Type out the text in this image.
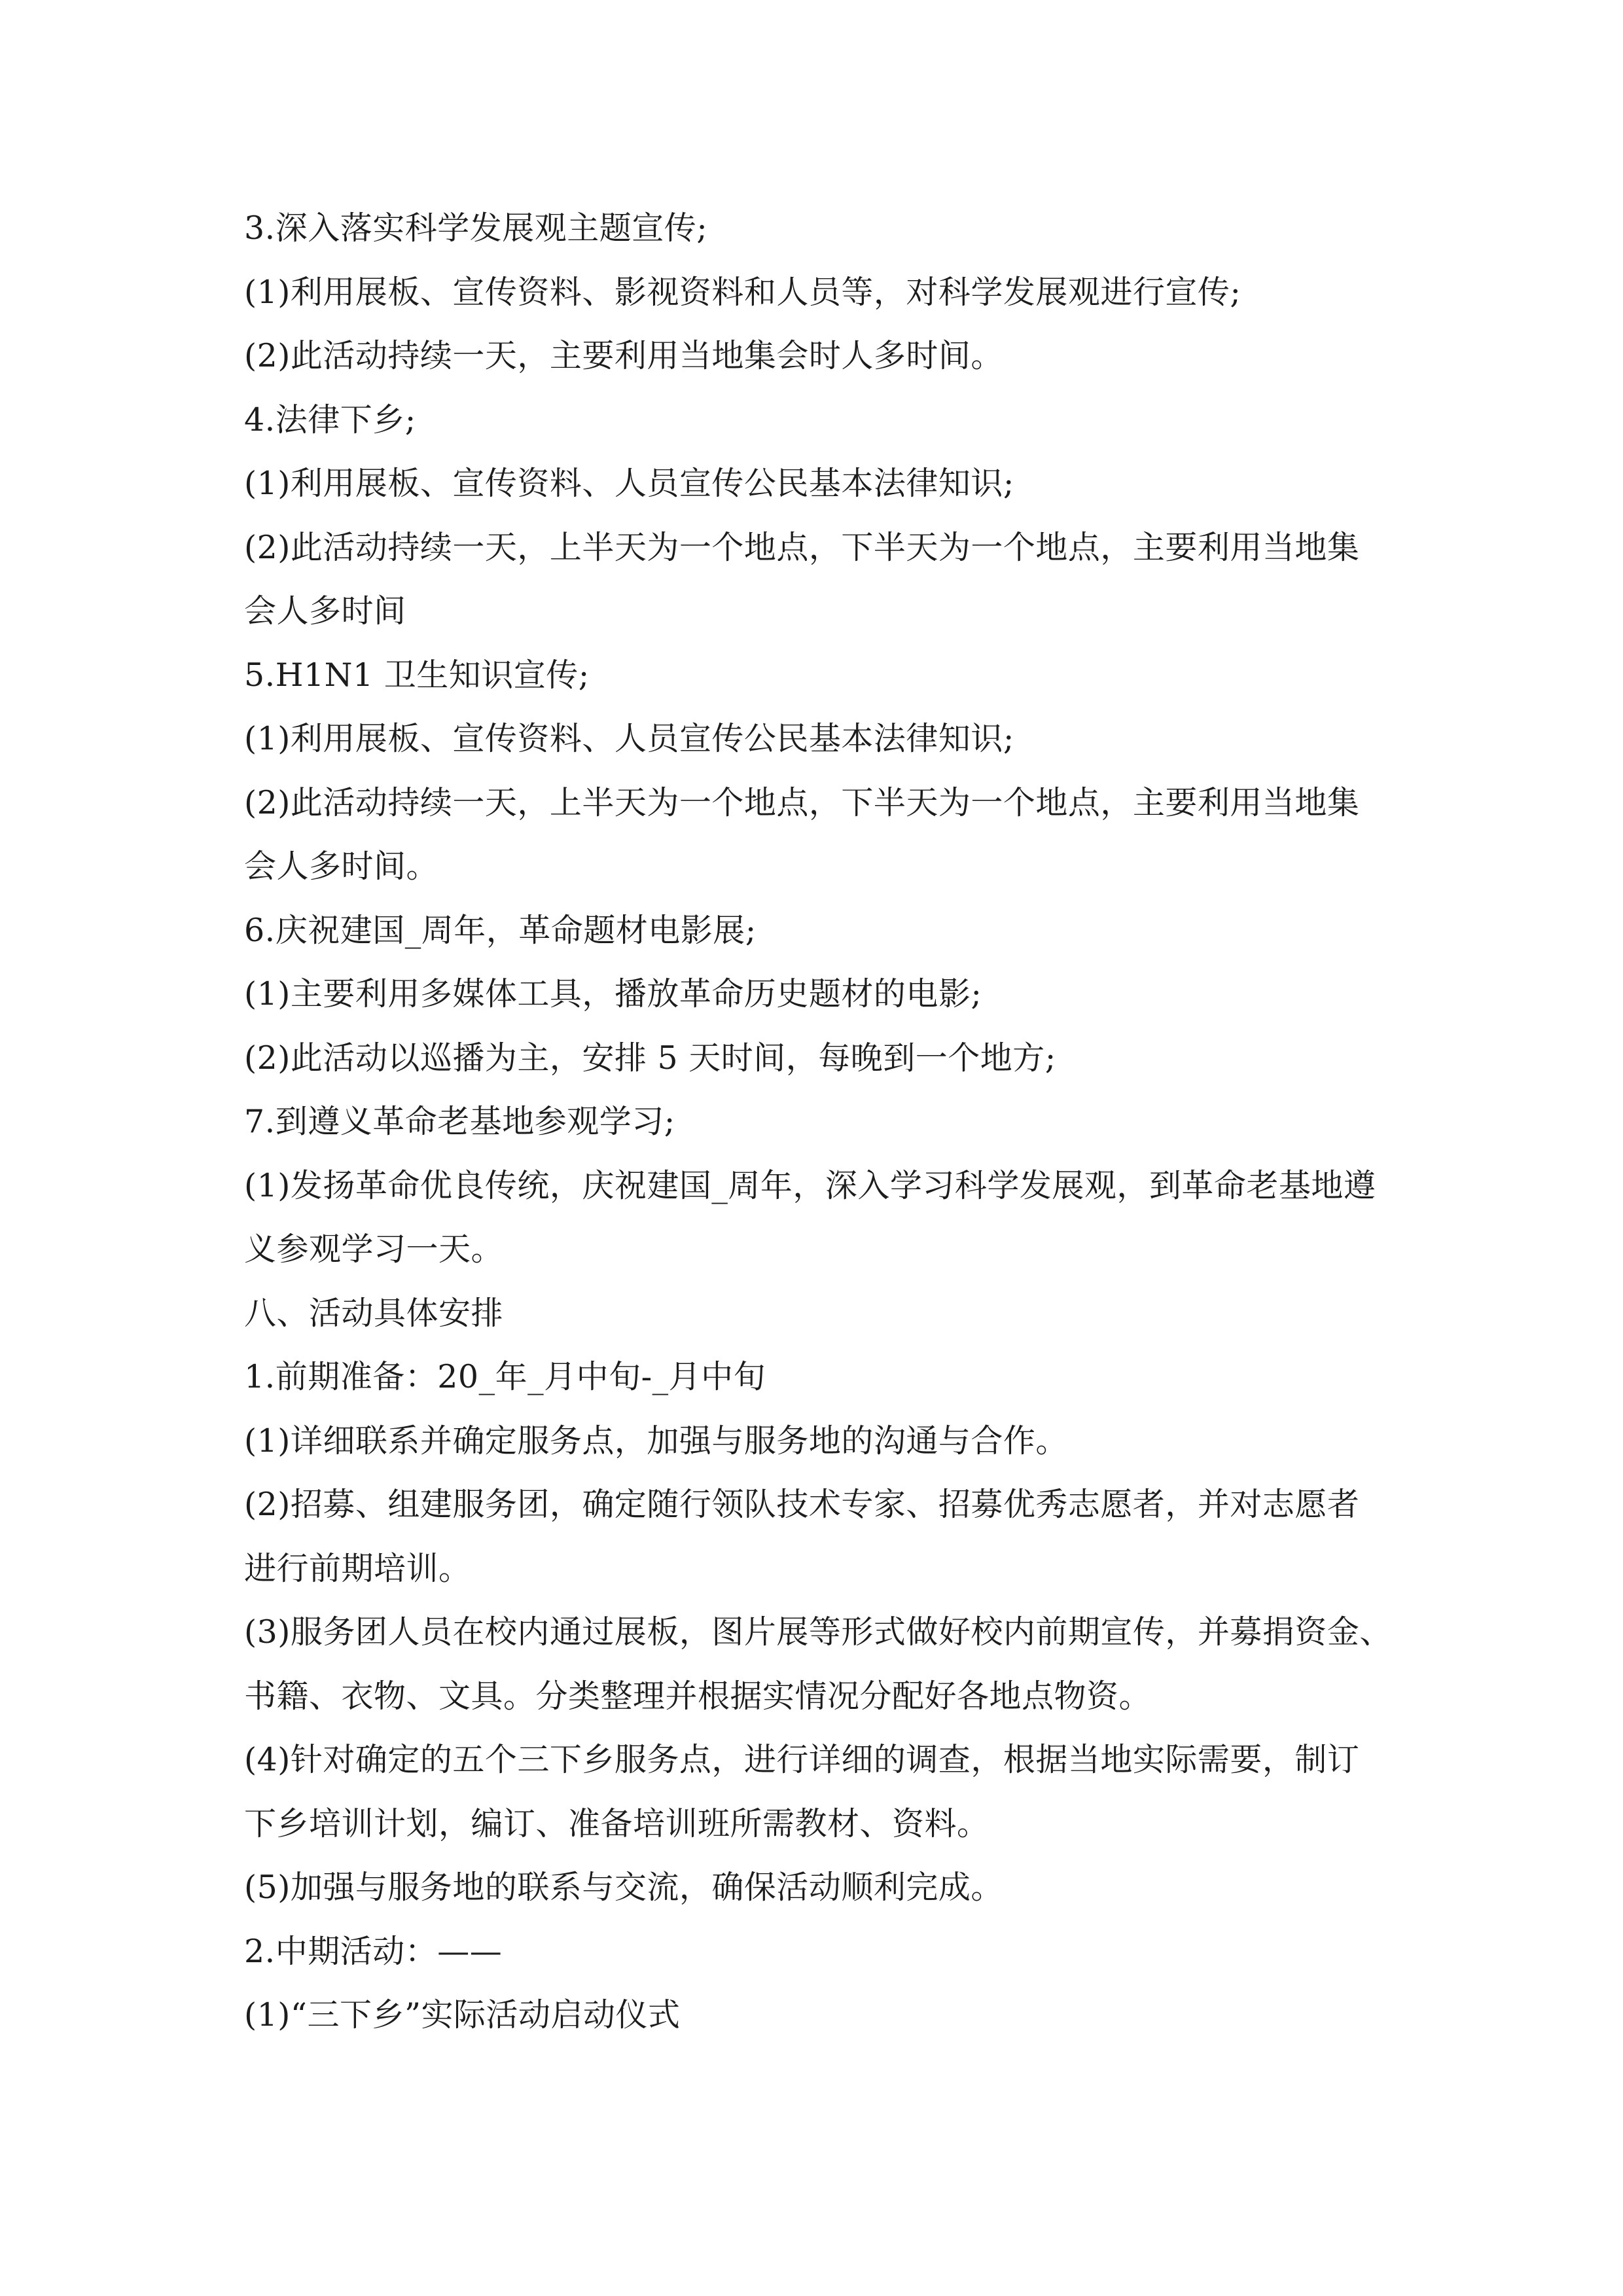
3.深入落实科学发展观主题宣传;
(1)利用展板、宣传资料、影视资料和人员等，对科学发展观进行宣传;
(2)此活动持续一天，主要利用当地集会时人多时间。
4.法律下乡;
(1)利用展板、宣传资料、人员宣传公民基本法律知识;
(2)此活动持续一天，上半天为一个地点，下半天为一个地点，主要利用当地集
会人多时间
5.H1N1 卫生知识宣传;
(1)利用展板、宣传资料、人员宣传公民基本法律知识;
(2)此活动持续一天，上半天为一个地点，下半天为一个地点，主要利用当地集
会人多时间。
6.庆祝建国_周年，革命题材电影展;
(1)主要利用多媒体工具，播放革命历史题材的电影;
(2)此活动以巡播为主，安排 5 天时间，每晚到一个地方;
7.到遵义革命老基地参观学习;
(1)发扬革命优良传统，庆祝建国_周年，深入学习科学发展观，到革命老基地遵
义参观学习一天。
八、活动具体安排
1.前期准备：20_年_月中旬-_月中旬
(1)详细联系并确定服务点，加强与服务地的沟通与合作。
(2)招募、组建服务团，确定随行领队技术专家、招募优秀志愿者，并对志愿者
进行前期培训。
(3)服务团人员在校内通过展板，图片展等形式做好校内前期宣传，并募捐资金、
书籍、衣物、文具。分类整理并根据实情况分配好各地点物资。
(4)针对确定的五个三下乡服务点，进行详细的调查，根据当地实际需要，制订
下乡培训计划，编订、准备培训班所需教材、资料。
(5)加强与服务地的联系与交流，确保活动顺利完成。
2.中期活动：——
(1)“三下乡”实际活动启动仪式
